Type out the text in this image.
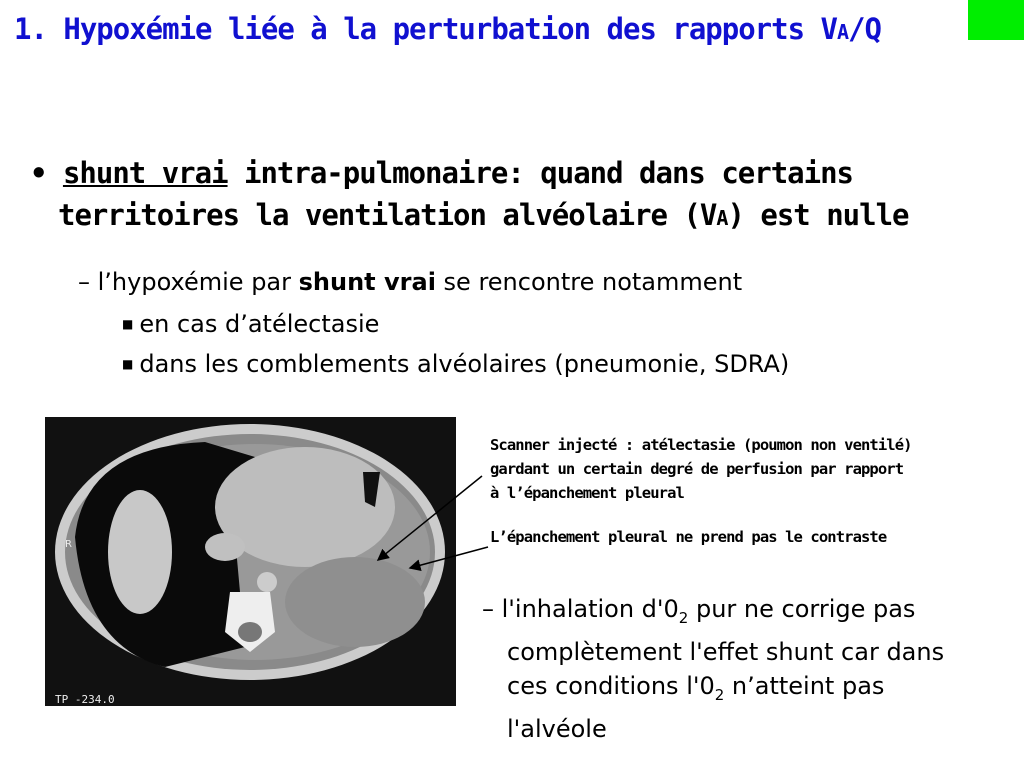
1. Hypoxémie liée à la perturbation des rapports VA/Q
• shunt vrai intra-pulmonaire: quand dans certains
territoires la ventilation alvéolaire (VA) est nulle
– l’hypoxémie par shunt vrai se rencontre notamment
■ en cas d’atélectasie
■ dans les comblements alvéolaires (pneumonie, SDRA)
TP -234.0
R
Scanner injecté : atélectasie (poumon non ventilé)
gardant un certain degré de perfusion par rapport
à l’épanchement pleural
L’épanchement pleural ne prend pas le contraste
– l'inhalation $d'0_2$ pur ne corrige pas
complètement l'effet shunt car dans
ces conditions $l'0_2$ n’atteint pas
l'alvéole
